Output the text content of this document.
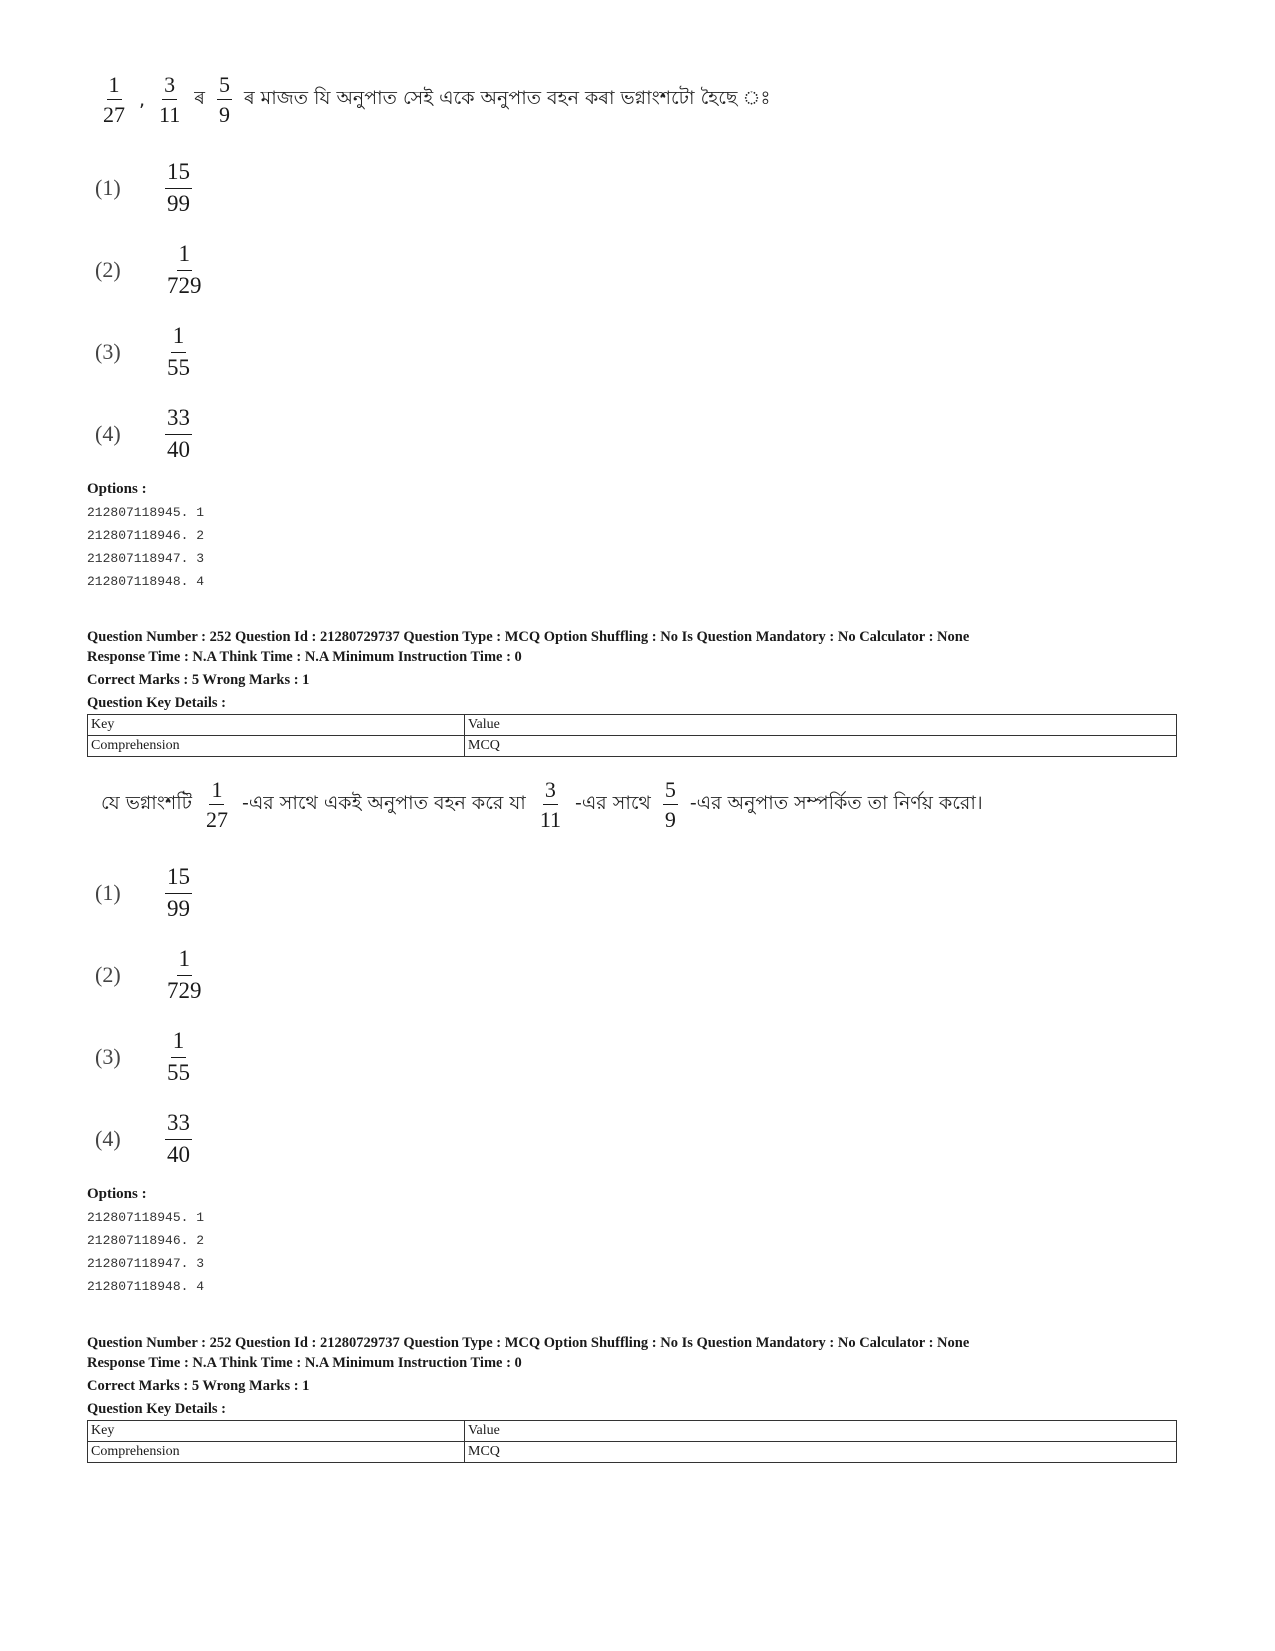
$\frac{1}{27}$ , $\frac{3}{11}$ ৰ $\frac{5}{9}$ ৰ মাজত যি অনুপাত সেই একে অনুপাত বহন কৰা ভগ্নাংশটো হৈছে ঃ
(1)	$\frac{15}{99}$
(2)	$\frac{1}{729}$
(3)	$\frac{1}{55}$
(4)	$\frac{33}{40}$
Options :
212807118945. 1
212807118946. 2
212807118947. 3
212807118948. 4
Question Number : 252 Question Id : 21280729737 Question Type : MCQ Option Shuffling : No Is Question Mandatory : No Calculator : None
Response Time : N.A Think Time : N.A Minimum Instruction Time : 0
Correct Marks : 5 Wrong Marks : 1
Question Key Details :
Key	Value
Comprehension	MCQ
যে ভগ্নাংশটি $\frac{1}{27}$ -এর সাথে একই অনুপাত বহন করে যা $\frac{3}{11}$ -এর সাথে $\frac{5}{9}$ -এর অনুপাত সম্পর্কিত তা নির্ণয় করো।
(1)	$\frac{15}{99}$
(2)	$\frac{1}{729}$
(3)	$\frac{1}{55}$
(4)	$\frac{33}{40}$
Options :
212807118945. 1
212807118946. 2
212807118947. 3
212807118948. 4
Question Number : 252 Question Id : 21280729737 Question Type : MCQ Option Shuffling : No Is Question Mandatory : No Calculator : None
Response Time : N.A Think Time : N.A Minimum Instruction Time : 0
Correct Marks : 5 Wrong Marks : 1
Question Key Details :
Key	Value
Comprehension	MCQ
